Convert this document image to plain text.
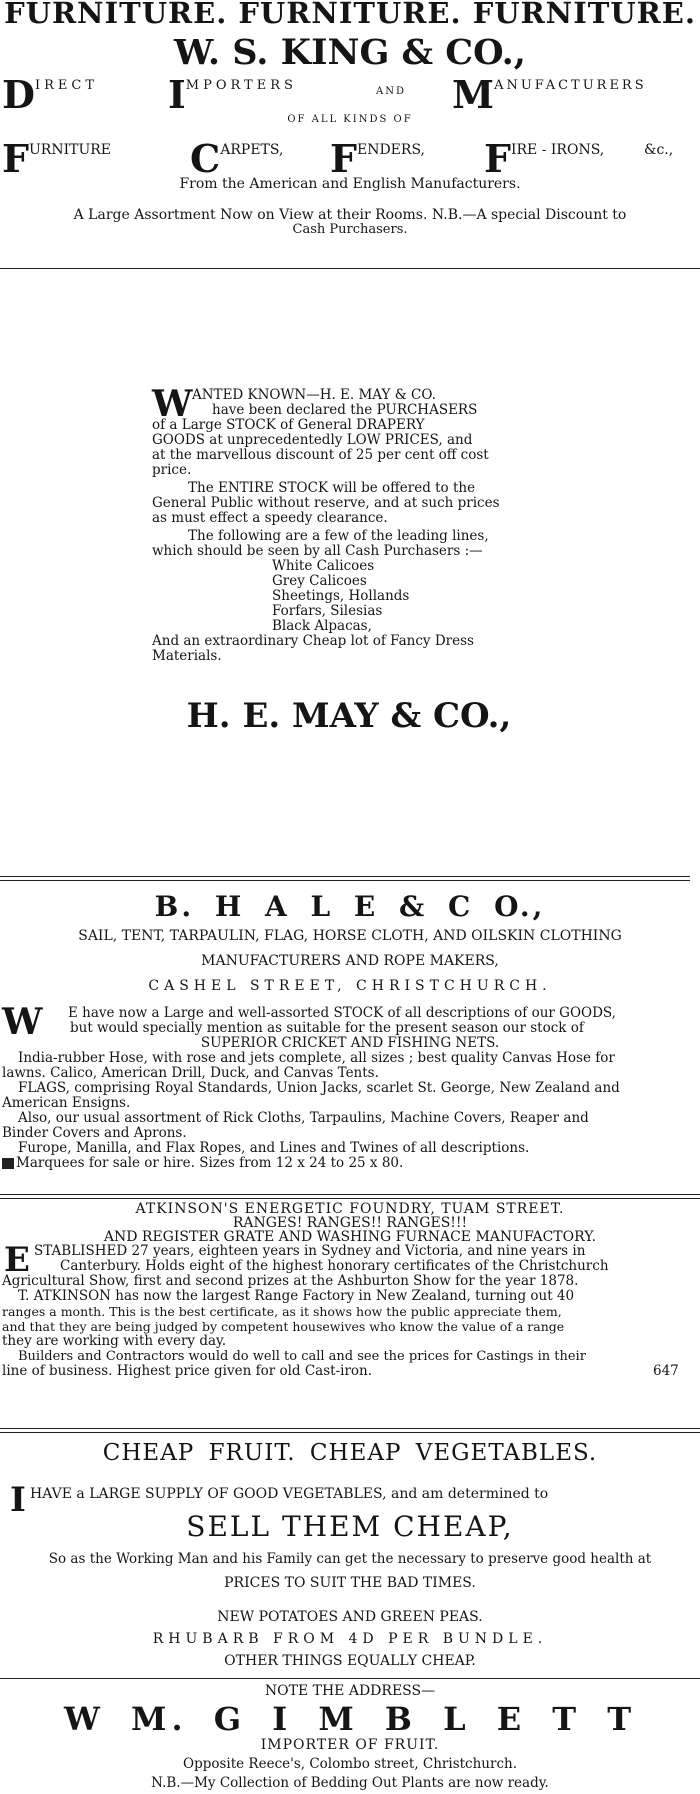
FURNITURE. FURNITURE. FURNITURE.
W. S. KING & CO.,
$D^{IRECT}$ $I^{MPORTERS}$	AND $M^{ANUFACTURERS}$
OF ALL KINDS OF
FURNITURE CARPETS, FENDERS, FIRE - IRONS,	&c.,
From the American and English Manufacturers.
A Large Assortment Now on View at their Rooms. N.B.—A special Discount to
Cash Purchasers.
W ANTED KNOWN—H. E. MAY & CO.
have been declared the PURCHASERS
of a Large STOCK of General DRAPERY
GOODS at unprecedentedly LOW PRICES, and
at the marvellous discount of 25 per cent off cost
price.
The ENTIRE STOCK will be offered to the
General Public without reserve, and at such prices
as must effect a speedy clearance.
The following are a few of the leading lines,
which should be seen by all Cash Purchasers :—
White Calicoes
Grey Calicoes
Sheetings, Hollands
Forfars, Silesias
Black Alpacas,
And an extraordinary Cheap lot of Fancy Dress
Materials.
H. E. MAY & CO.,
B. H A L E & C O.,
SAIL, TENT, TARPAULIN, FLAG, HORSE CLOTH, AND OILSKIN CLOTHING
MANUFACTURERS AND ROPE MAKERS,
CASHEL STREET, CHRISTCHURCH.
W E have now a Large and well-assorted STOCK of all descriptions of our GOODS,
but would specially mention as suitable for the present season our stock of
SUPERIOR CRICKET AND FISHING NETS.
India-rubber Hose, with rose and jets complete, all sizes ; best quality Canvas Hose for
lawns. Calico, American Drill, Duck, and Canvas Tents.
FLAGS, comprising Royal Standards, Union Jacks, scarlet St. George, New Zealand and
American Ensigns.
Also, our usual assortment of Rick Cloths, Tarpaulins, Machine Covers, Reaper and
Binder Covers and Aprons.
Furope, Manilla, and Flax Ropes, and Lines and Twines of all descriptions.
Marquees for sale or hire. Sizes from 12 x 24 to 25 x 80.
ATKINSON'S ENERGETIC FOUNDRY, TUAM STREET.
RANGES! RANGES!! RANGES!!!
AND REGISTER GRATE AND WASHING FURNACE MANUFACTORY.
E STABLISHED 27 years, eighteen years in Sydney and Victoria, and nine years in
Canterbury. Holds eight of the highest honorary certificates of the Christchurch
Agricultural Show, first and second prizes at the Ashburton Show for the year 1878.
T. ATKINSON has now the largest Range Factory in New Zealand, turning out 40
ranges a month. This is the best certificate, as it shows how the public appreciate them,
and that they are being judged by competent housewives who know the value of a range
they are working with every day.
Builders and Contractors would do well to call and see the prices for Castings in their
line of business. Highest price given for old Cast-iron.	647
CHEAP FRUIT. CHEAP VEGETABLES.
I HAVE a LARGE SUPPLY OF GOOD VEGETABLES, and am determined to
SELL THEM CHEAP,
So as the Working Man and his Family can get the necessary to preserve good health at
PRICES TO SUIT THE BAD TIMES.
NEW POTATOES AND GREEN PEAS.
RHUBARB FROM 4D PER BUNDLE.
OTHER THINGS EQUALLY CHEAP.
NOTE THE ADDRESS—
W M. G I M B L E T T
IMPORTER OF FRUIT.
Opposite Reece's, Colombo street, Christchurch.
N.B.—My Collection of Bedding Out Plants are now ready.
